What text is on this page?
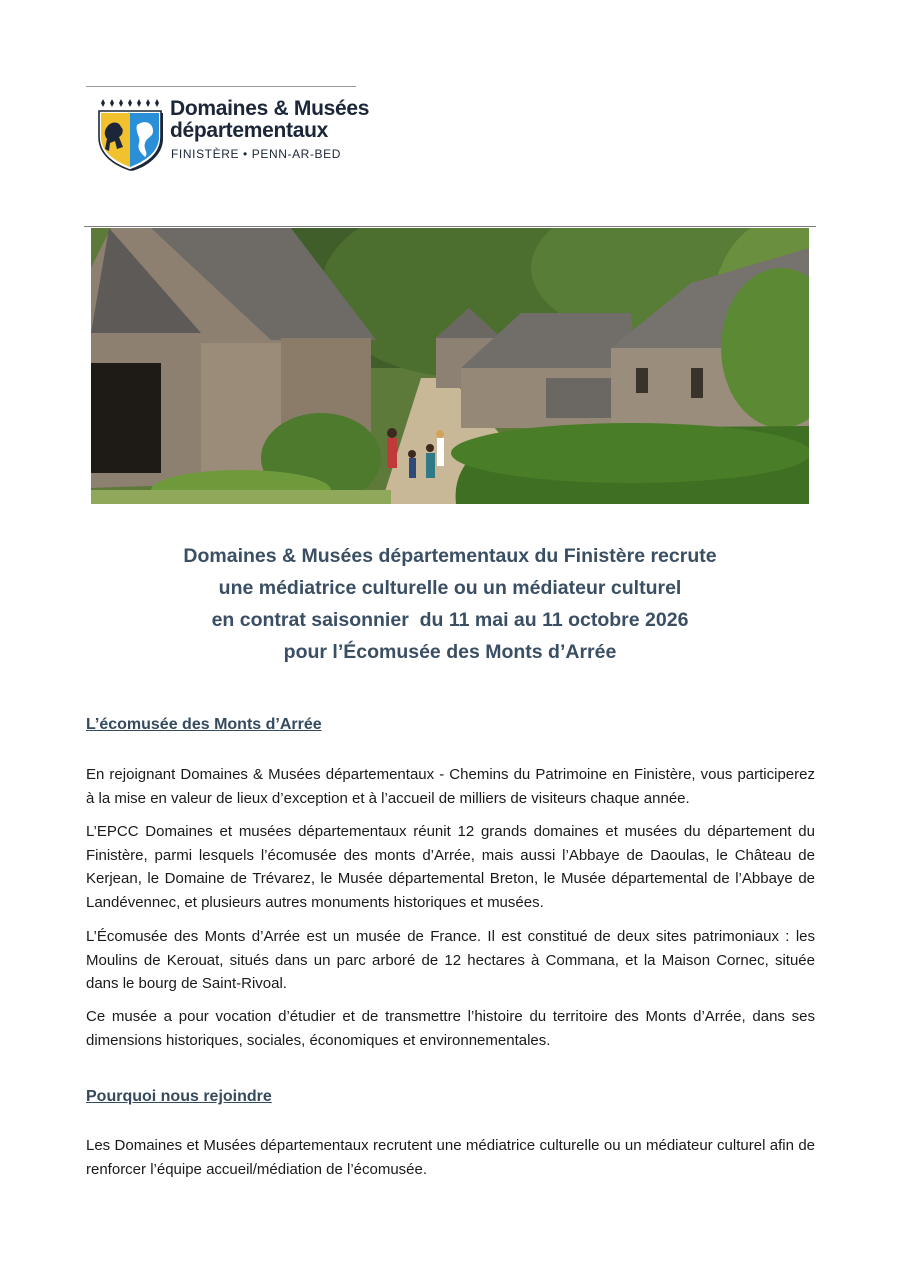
Domaines & Musées
départementaux
FINISTÈRE • PENN-AR-BED
Domaines & Musées départementaux du Finistère recrute
une médiatrice culturelle ou un médiateur culturel
en contrat saisonnier  du 11 mai au 11 octobre 2026
pour l’Écomusée des Monts d’Arrée
L’écomusée des Monts d’Arrée
En rejoignant Domaines & Musées départementaux - Chemins du Patrimoine en Finistère, vous participerez à la mise en valeur de lieux d’exception et à l’accueil de milliers de visiteurs chaque année.
L’EPCC Domaines et musées départementaux réunit 12 grands domaines et musées du département du Finistère, parmi lesquels l’écomusée des monts d’Arrée, mais aussi l’Abbaye de Daoulas, le Château de Kerjean, le Domaine de Trévarez, le Musée départemental Breton, le Musée départemental de l’Abbaye de Landévennec, et plusieurs autres monuments historiques et musées.
L’Écomusée des Monts d’Arrée est un musée de France. Il est constitué de deux sites patrimoniaux : les Moulins de Kerouat, situés dans un parc arboré de 12 hectares à Commana, et la Maison Cornec, située dans le bourg de Saint-Rivoal.
Ce musée a pour vocation d’étudier et de transmettre l’histoire du territoire des Monts d’Arrée, dans ses dimensions historiques, sociales, économiques et environnementales.
Pourquoi nous rejoindre
Les Domaines et Musées départementaux recrutent une médiatrice culturelle ou un médiateur culturel afin de renforcer l’équipe accueil/médiation de l’écomusée.
